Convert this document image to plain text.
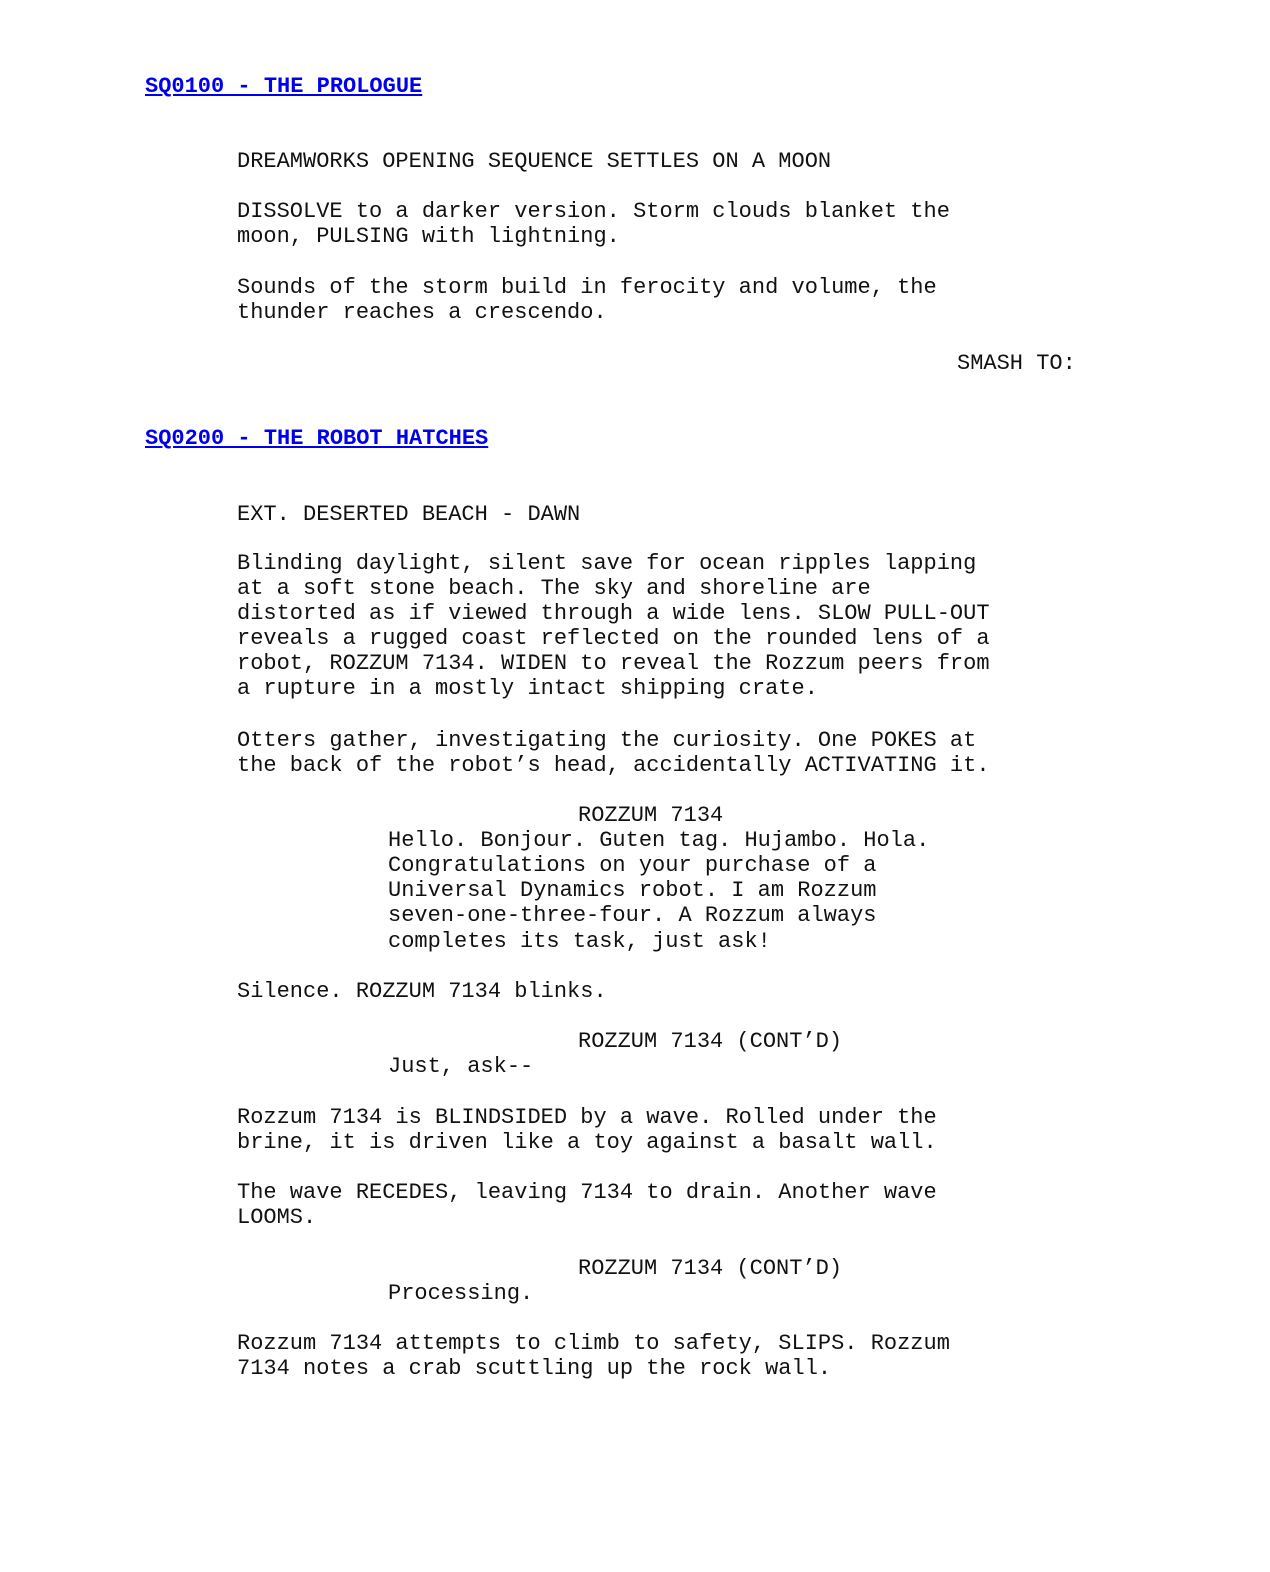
SQ0100 - THE PROLOGUE
DREAMWORKS OPENING SEQUENCE SETTLES ON A MOON
DISSOLVE to a darker version. Storm clouds blanket the
moon, PULSING with lightning.
Sounds of the storm build in ferocity and volume, the
thunder reaches a crescendo.
SMASH TO:
SQ0200 - THE ROBOT HATCHES
EXT. DESERTED BEACH - DAWN
Blinding daylight, silent save for ocean ripples lapping
at a soft stone beach. The sky and shoreline are
distorted as if viewed through a wide lens. SLOW PULL-OUT
reveals a rugged coast reflected on the rounded lens of a
robot, ROZZUM 7134. WIDEN to reveal the Rozzum peers from
a rupture in a mostly intact shipping crate.
Otters gather, investigating the curiosity. One POKES at
the back of the robot’s head, accidentally ACTIVATING it.
ROZZUM 7134
Hello. Bonjour. Guten tag. Hujambo. Hola.
Congratulations on your purchase of a
Universal Dynamics robot. I am Rozzum
seven-one-three-four. A Rozzum always
completes its task, just ask!
Silence. ROZZUM 7134 blinks.
ROZZUM 7134 (CONT’D)
Just, ask--
Rozzum 7134 is BLINDSIDED by a wave. Rolled under the
brine, it is driven like a toy against a basalt wall.
The wave RECEDES, leaving 7134 to drain. Another wave
LOOMS.
ROZZUM 7134 (CONT’D)
Processing.
Rozzum 7134 attempts to climb to safety, SLIPS. Rozzum
7134 notes a crab scuttling up the rock wall.
